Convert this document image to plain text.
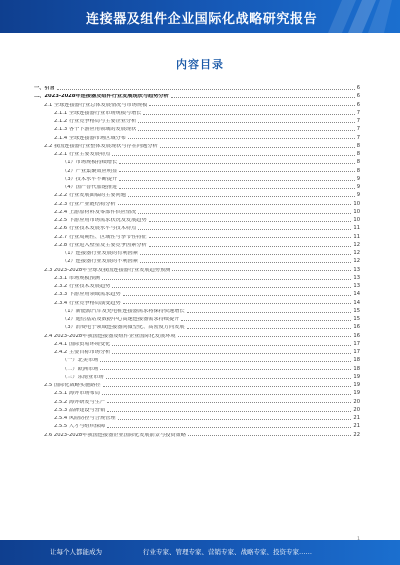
连接器及组件企业国际化战略研究报告
内容目录
一、引言	6
二、2023-2028年连接器及组件行业发展现状与趋势分析	6
2.1 全球连接器行业总体发展情况与市场规模	6
2.1.1 全球连接器行业市场规模与增长	7
2.1.2 行业竞争格局与主要企业分析	7
2.1.3 各个下游应用领域的发展现状	7
2.1.4 全球连接器市场区域分布	7
2.2 我国连接器行业整体发展现状与存在问题分析	8
2.2.1 行业主要发展特点	8
（1）市场规模持续增长	8
（2）产业集聚效应明显	8
（3）技术水平不断提升	9
（4）国产替代加速推进	9
2.2.2 行业发展面临的主要问题	9
2.2.3 行业产业链结构分析	10
2.2.4 上游原材料及零部件供应情况	10
2.2.5 下游应用市场需求状况及发展趋势	10
2.2.6 行业技术发展水平与技术特点	11
2.2.7 行业周期性、区域性与季节性特征	11
2.2.8 行业进入壁垒及主要竞争因素分析	12
（1）连接器行业发展的有利因素	12
（2）连接器行业发展的不利因素	12
2.3 2023-2028年全球及我国连接器行业发展趋势预测	13
2.3.1 市场规模预测	13
2.3.2 行业技术发展趋势	13
2.3.3 下游应用领域需求趋势	14
2.3.4 行业竞争格局演变趋势	14
（1）新能源汽车及充电桩连接器需求将保持快速增长	15
（2）通信基站及数据中心高速连接器需求持续提升	15
（3）消费电子领域连接器向微型化、高密度方向发展	16
2.4 2023-2028年我国连接器及组件企业国际化发展环境	16
2.4.1 国际贸易环境变化	17
2.4.2 主要目标市场分析	17
（一）北美市场	18
（二）欧洲市场	18
（三）东南亚市场	19
2.5 国际化战略实施路径	19
2.5.1 海外市场布局	19
2.5.2 海外研发与生产	20
2.5.3 品牌建设与营销	20
2.5.4 风险防控与合规管理	21
2.5.5 人才与组织保障	21
2.6 2023-2028年我国连接器企业国际化发展前景与投资策略	22
让每个人都能成为	行业专家、管理专家、营销专家、战略专家、投资专家……
